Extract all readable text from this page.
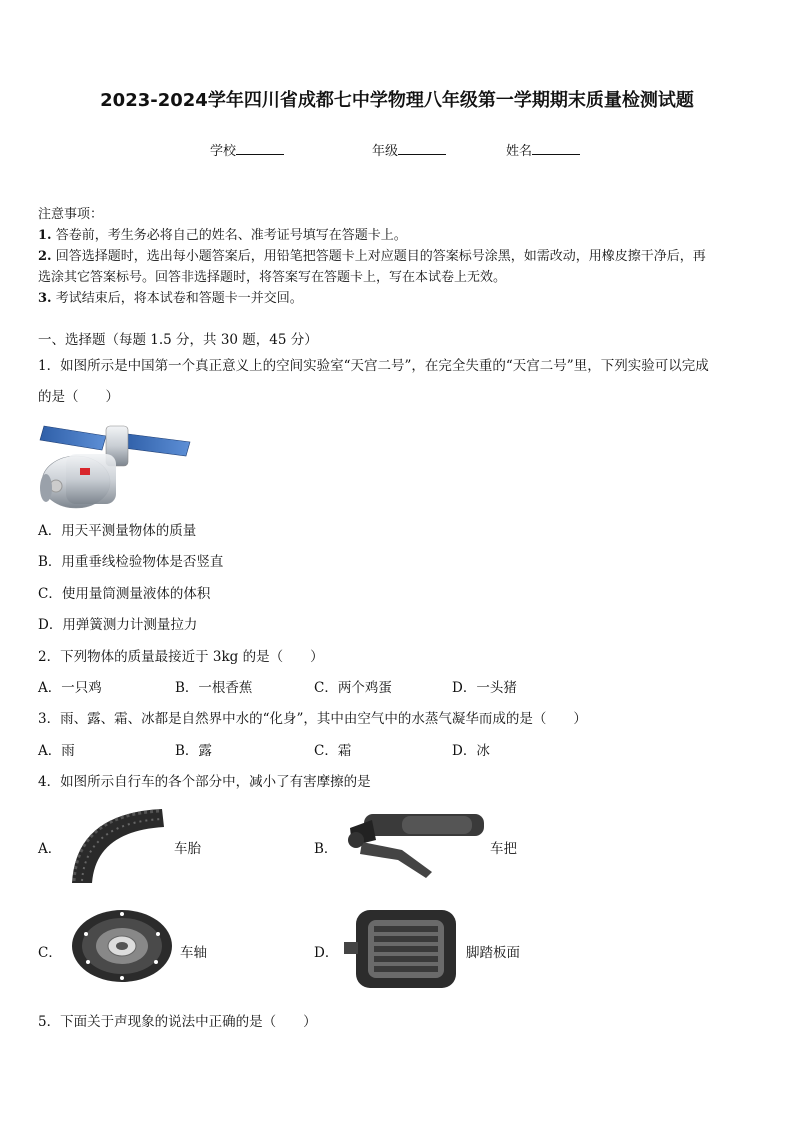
2023-2024学年四川省成都七中学物理八年级第一学期期末质量检测试题
学校	年级	姓名
注意事项：
1. 答卷前，考生务必将自己的姓名、准考证号填写在答题卡上。
2. 回答选择题时，选出每小题答案后，用铅笔把答题卡上对应题目的答案标号涂黑，如需改动，用橡皮擦干净后，再
选涂其它答案标号。回答非选择题时，将答案写在答题卡上，写在本试卷上无效。
3. 考试结束后，将本试卷和答题卡一并交回。
一、选择题（每题 1.5 分，共 30 题，45 分）
1．如图所示是中国第一个真正意义上的空间实验室“天宫二号”，在完全失重的“天宫二号”里，下列实验可以完成
的是（　　）
A．用天平测量物体的质量
B．用重垂线检验物体是否竖直
C．使用量筒测量液体的体积
D．用弹簧测力计测量拉力
2．下列物体的质量最接近于 3kg 的是（　　）
A．一只鸡	B．一根香蕉	C．两个鸡蛋	D．一头猪
3．雨、露、霜、冰都是自然界中水的“化身”，其中由空气中的水蒸气凝华而成的是（　　）
A．雨	B．露	C．霜	D．冰
4．如图所示自行车的各个部分中，减小了有害摩擦的是
A．	车胎	B．	车把
C．	车轴	D．	脚踏板面
5．下面关于声现象的说法中正确的是（　　）
